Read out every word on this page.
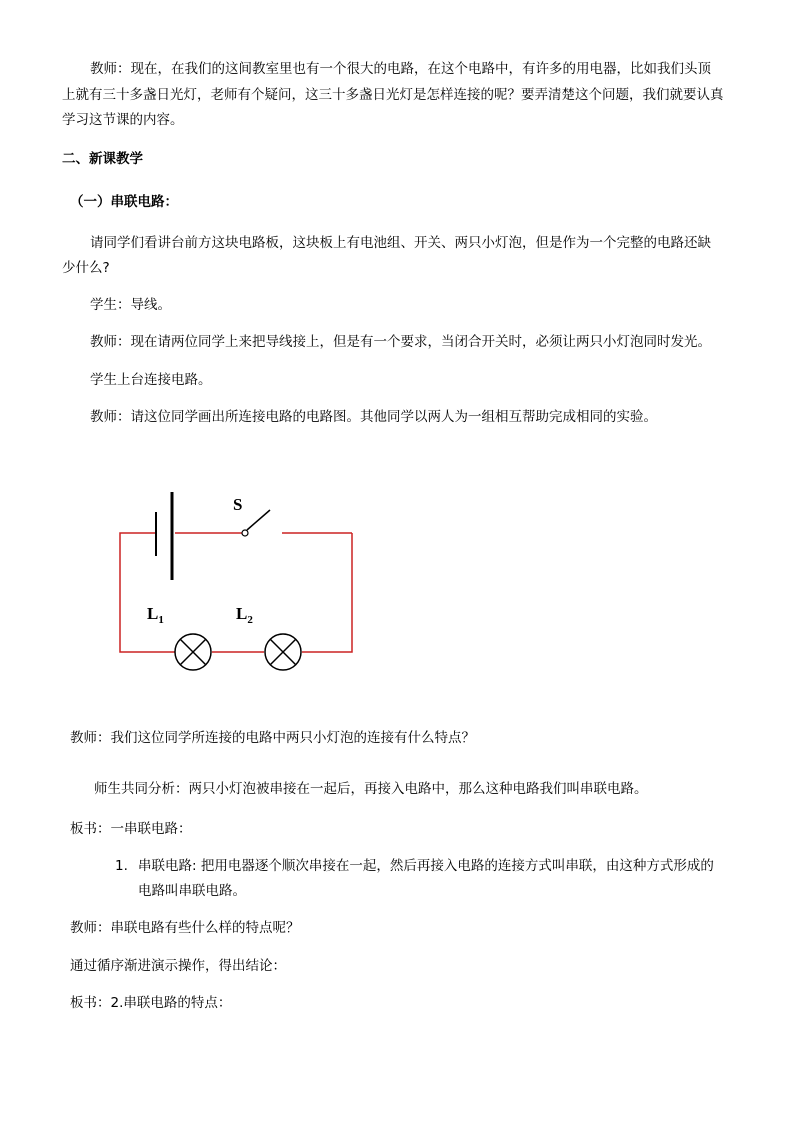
教师：现在，在我们的这间教室里也有一个很大的电路，在这个电路中，有许多的用电器，比如我们头顶
上就有三十多盏日光灯，老师有个疑问，这三十多盏日光灯是怎样连接的呢？要弄清楚这个问题，我们就要认真
学习这节课的内容。
二、新课教学
（一）串联电路：
请同学们看讲台前方这块电路板，这块板上有电池组、开关、两只小灯泡，但是作为一个完整的电路还缺
少什么?
学生：导线。
教师：现在请两位同学上来把导线接上，但是有一个要求，当闭合开关时，必须让两只小灯泡同时发光。
学生上台连接电路。
教师：请这位同学画出所连接电路的电路图。其他同学以两人为一组相互帮助完成相同的实验。
S
$L_1$	$L_2$
教师：我们这位同学所连接的电路中两只小灯泡的连接有什么特点？
师生共同分析：两只小灯泡被串接在一起后，再接入电路中，那么这种电路我们叫串联电路。
板书：一串联电路：
1. 串联电路: 把用电器逐个顺次串接在一起，然后再接入电路的连接方式叫串联，由这种方式形成的
电路叫串联电路。
教师：串联电路有些什么样的特点呢？
通过循序渐进演示操作，得出结论：
板书：2.串联电路的特点：
